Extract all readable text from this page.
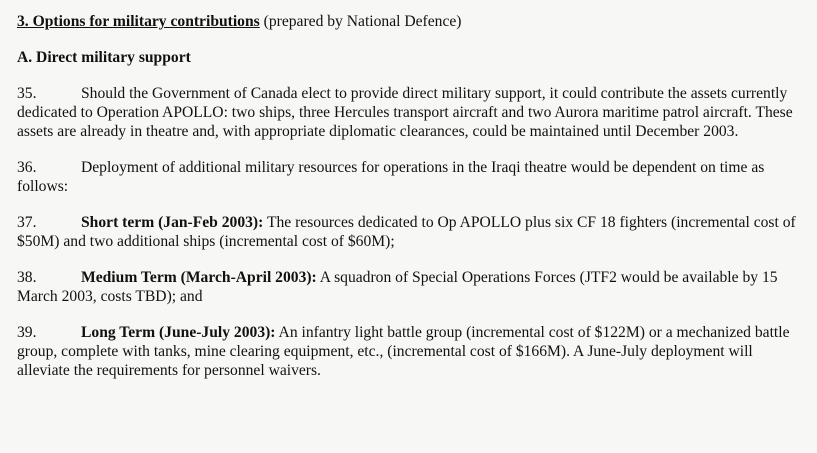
3. Options for military contributions (prepared by National Defence)

A. Direct military support

35.	Should the Government of Canada elect to provide direct military support, it could contribute the assets currently dedicated to Operation APOLLO: two ships, three Hercules transport aircraft and two Aurora maritime patrol aircraft. These assets are already in theatre and, with appropriate diplomatic clearances, could be maintained until December 2003.

36.	Deployment of additional military resources for operations in the Iraqi theatre would be dependent on time as follows:

37.	Short term (Jan-Feb 2003): The resources dedicated to Op APOLLO plus six CF 18 fighters (incremental cost of $50M) and two additional ships (incremental cost of $60M);

38.	Medium Term (March-April 2003): A squadron of Special Operations Forces (JTF2 would be available by 15 March 2003, costs TBD); and

39.	Long Term (June-July 2003): An infantry light battle group (incremental cost of $122M) or a mechanized battle group, complete with tanks, mine clearing equipment, etc., (incremental cost of $166M). A June-July deployment will alleviate the requirements for personnel waivers.
